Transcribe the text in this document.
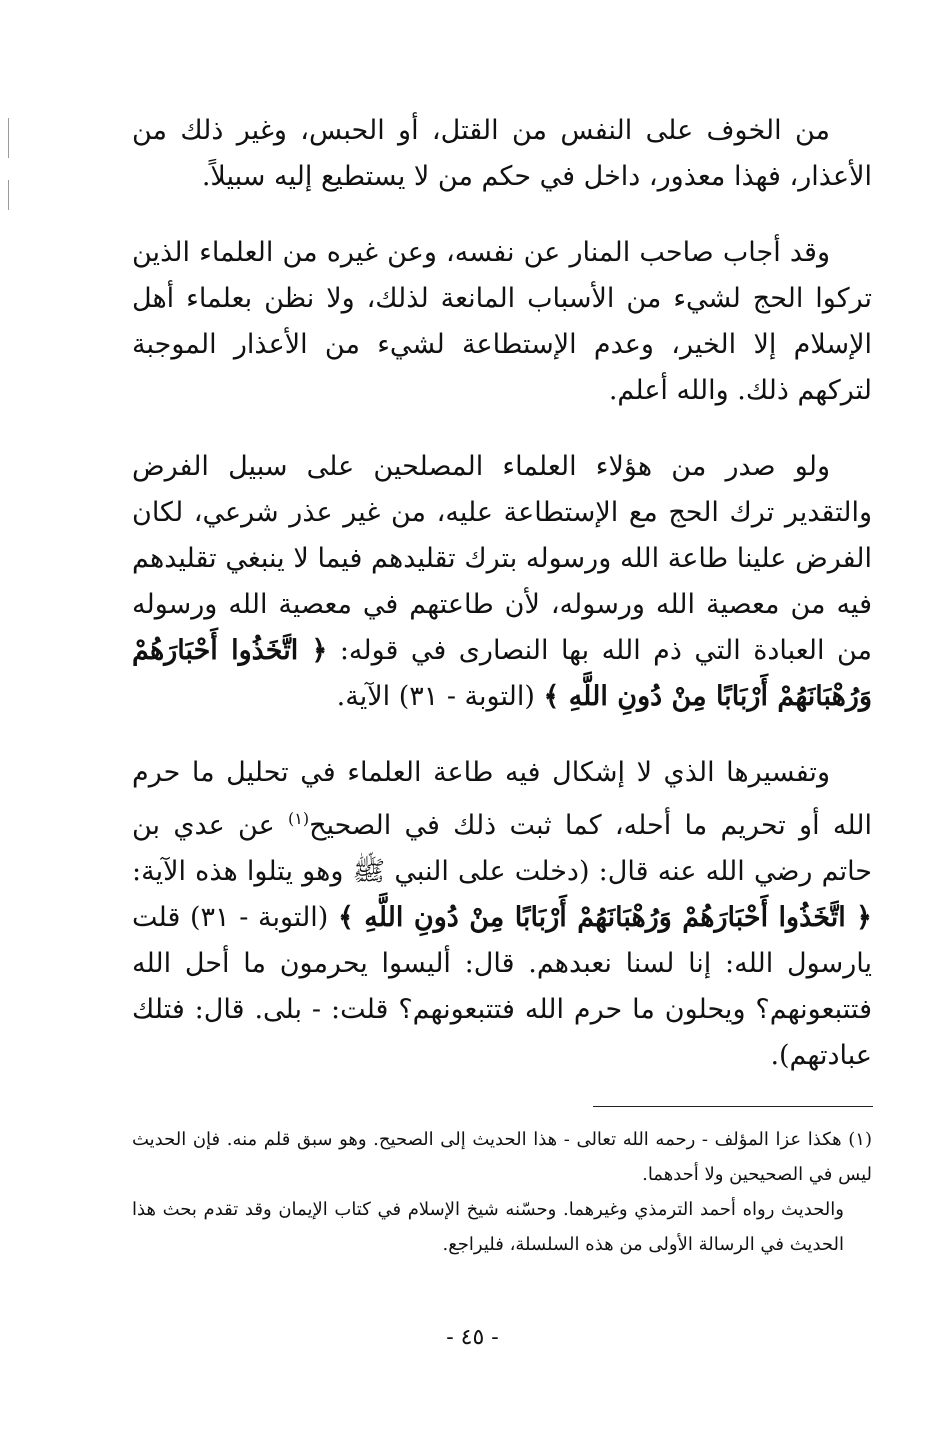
من الخوف على النفس من القتل، أو الحبس، وغير ذلك من الأعذار، فهذا معذور، داخل في حكم من لا يستطيع إليه سبيلاً.

وقد أجاب صاحب المنار عن نفسه، وعن غيره من العلماء الذين تركوا الحج لشيء من الأسباب المانعة لذلك، ولا نظن بعلماء أهل الإسلام إلا الخير، وعدم الإستطاعة لشيء من الأعذار الموجبة لتركهم ذلك. والله أعلم.

ولو صدر من هؤلاء العلماء المصلحين على سبيل الفرض والتقدير ترك الحج مع الإستطاعة عليه، من غير عذر شرعي، لكان الفرض علينا طاعة الله ورسوله بترك تقليدهم فيما لا ينبغي تقليدهم فيه من معصية الله ورسوله، لأن طاعتهم في معصية الله ورسوله من العبادة التي ذم الله بها النصارى في قوله: ﴿ اتَّخَذُوا أَحْبَارَهُمْ وَرُهْبَانَهُمْ أَرْبَابًا مِنْ دُونِ اللَّهِ ﴾ (التوبة - ٣١) الآية.

وتفسيرها الذي لا إشكال فيه طاعة العلماء في تحليل ما حرم الله أو تحريم ما أحله، كما ثبت ذلك في الصحيح$^{(١)}$ عن عدي بن حاتم رضي الله عنه قال: (دخلت على النبي ﷺ وهو يتلوا هذه الآية: ﴿ اتَّخَذُوا أَحْبَارَهُمْ وَرُهْبَانَهُمْ أَرْبَابًا مِنْ دُونِ اللَّهِ ﴾ (التوبة - ٣١) قلت يارسول الله: إنا لسنا نعبدهم. قال: أليسوا يحرمون ما أحل الله فتتبعونهم؟ ويحلون ما حرم الله فتتبعونهم؟ قلت: - بلى. قال: فتلك عبادتهم).

(١) هكذا عزا المؤلف - رحمه الله تعالى - هذا الحديث إلى الصحيح. وهو سبق قلم منه. فإن الحديث ليس في الصحيحين ولا أحدهما.

والحديث رواه أحمد الترمذي وغيرهما. وحسّنه شيخ الإسلام في كتاب الإيمان وقد تقدم بحث هذا الحديث في الرسالة الأولى من هذه السلسلة، فليراجع.

- ٤٥ -
